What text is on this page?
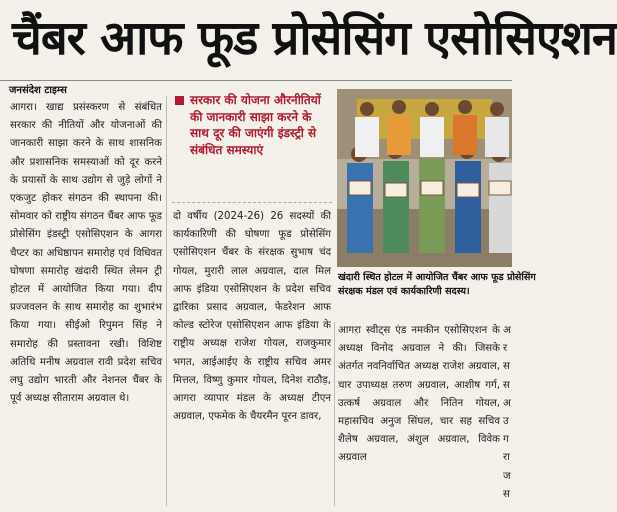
चैंबर आफ फूड प्रोसेसिंग एसोसिएशन
जनसंदेश टाइम्स
आगरा। खाद्य प्रसंस्करण से संबंधित सरकार की नीतियों और योजनाओं की जानकारी साझा करने के साथ शासनिक और प्रशासनिक समस्याओं को दूर करने के प्रयासों के साथ उद्योग से जुड़े लोगों ने एकजुट होकर संगठन की स्थापना की। सोमवार को राष्ट्रीय संगठन चैंबर आफ फूड प्रोसेसिंग इंडस्ट्री एसोसिएशन के आगरा चैप्टर का अधिष्ठापन समारोह एवं विधिवत घोषणा समारोह खंदारी स्थित लेमन ट्री होटल में आयोजित किया गया। दीप प्रज्जवलन के साथ समारोह का शुभारंभ किया गया। सीईओ रिपुमन सिंह ने समारोह की प्रस्तावना रखी। विशिष्ट अतिथि मनीष अग्रवाल रावी प्रदेश सचिव लघु उद्योग भारती और नेशनल चैंबर के पूर्व अध्यक्ष सीताराम अग्रवाल थे।
सरकार की योजना औरनीतियों की जानकारी साझा करने के साथ दूर की जाएंगी इंडस्ट्री से संबंधित समस्याएं
दो वर्षीय (2024-26) 26 सदस्यों की कार्यकारिणी की घोषणा फूड प्रोसेसिंग एसोसिएशन चैंबर के संरक्षक सुभाष चंद गोयल, मुरारी लाल अग्रवाल, दाल मिल आफ इंडिया एसोसिएशन के प्रदेश सचिव द्वारिका प्रसाद अग्रवाल, फेडरेशन आफ कोल्ड स्टोरेज एसोसिएशन आफ इंडिया के राष्ट्रीय अध्यक्ष राजेश गोयल, राजकुमार भगत, आईआईए के राष्ट्रीय सचिव अमर मित्तल, विष्णु कुमार गोयल, दिनेश राठौड़, आगरा व्यापार मंडल के अध्यक्ष टीएन अग्रवाल, एफमेक के चैयरमैन पूरन डावर,
खंदारी स्थित होटल में आयोजित चैंबर आफ फूड प्रोसेसिंग
संरक्षक मंडल एवं कार्यकारिणी सदस्य।
आगरा स्वीट्स एंड नमकीन एसोसिएशन के अध्यक्ष विनोद अग्रवाल ने की। जिसके अंतर्गत नवनिर्वाचित अध्यक्ष राजेश अग्रवाल, चार उपाध्यक्ष तरुण अग्रवाल, आशीष गर्ग, उत्कर्ष अग्रवाल और नितिन गोयल, महासचिव अनुज सिंघल, चार सह सचिव शैलेष अग्रवाल, अंशुल अग्रवाल, विवेक अग्रवाल
अ र स स अ उ ग रा ज स
